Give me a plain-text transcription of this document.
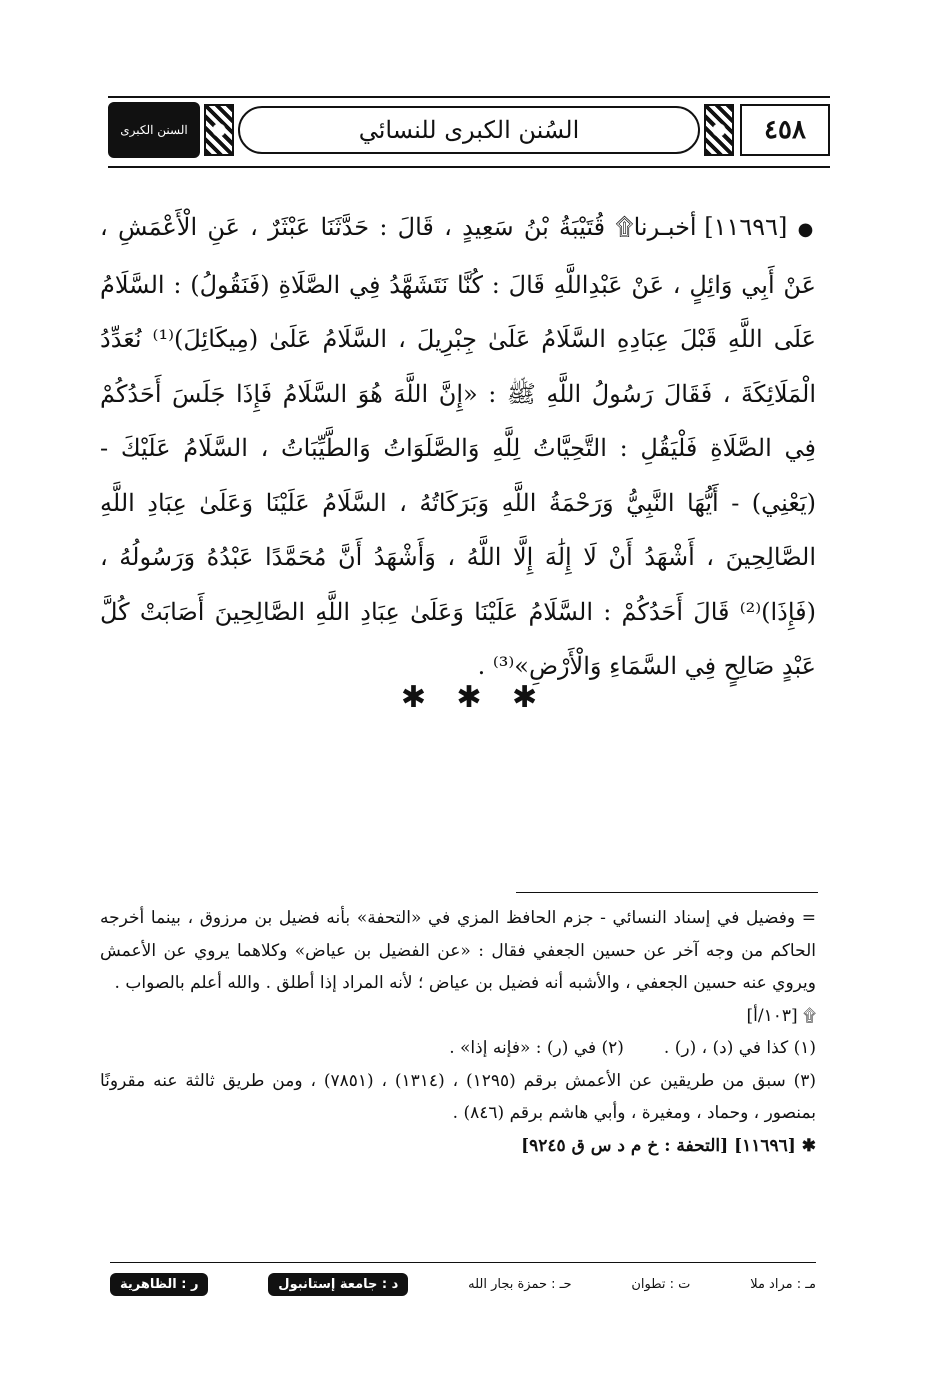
السنن الكبرى	السُنن الكبرى للنسائي	٤٥٨
● [١١٦٩٦] أخبـرنا۩ قُتَيْبَةُ بْنُ سَعِيدٍ ، قَالَ : حَدَّثَنَا عَبْثَرٌ ، عَنِ الْأَعْمَشِ ، عَنْ أَبِي وَائِلٍ ، عَنْ عَبْدِاللَّهِ قَالَ : كُنَّا نَتَشَهَّدُ فِي الصَّلَاةِ (فَنَقُولُ) : السَّلَامُ عَلَى اللَّهِ قَبْلَ عِبَادِهِ السَّلَامُ عَلَىٰ جِبْرِيلَ ، السَّلَامُ عَلَىٰ (مِيكَائِلَ)⁽¹⁾ نُعَدِّدُ الْمَلَائِكَةَ ، فَقَالَ رَسُولُ اللَّهِ ﷺ : «إِنَّ اللَّهَ هُوَ السَّلَامُ فَإِذَا جَلَسَ أَحَدُكُمْ فِي الصَّلَاةِ فَلْيَقُلِ : التَّحِيَّاتُ لِلَّهِ وَالصَّلَوَاتُ وَالطَّيِّبَاتُ ، السَّلَامُ عَلَيْكَ - (يَعْنِي) - أَيُّهَا النَّبِيُّ وَرَحْمَةُ اللَّهِ وَبَرَكَاتُهُ ، السَّلَامُ عَلَيْنَا وَعَلَىٰ عِبَادِ اللَّهِ الصَّالِحِينَ ، أَشْهَدُ أَنْ لَا إِلَٰهَ إِلَّا اللَّهُ ، وَأَشْهَدُ أَنَّ مُحَمَّدًا عَبْدُهُ وَرَسُولُهُ ، (فَإِذَا)⁽²⁾ قَالَ أَحَدُكُمْ : السَّلَامُ عَلَيْنَا وَعَلَىٰ عِبَادِ اللَّهِ الصَّالِحِينَ أَصَابَتْ كُلَّ عَبْدٍ صَالِحٍ فِي السَّمَاءِ وَالْأَرْضِ»⁽³⁾ .
✱ ✱ ✱

= وفضيل في إسناد النسائي - جزم الحافظ المزي في «التحفة» بأنه فضيل بن مرزوق ، بينما أخرجه الحاكم من وجه آخر عن حسين الجعفي فقال : «عن الفضيل بن عياض» وكلاهما يروي عن الأعمش ويروي عنه حسين الجعفي ، والأشبه أنه فضيل بن عياض ؛ لأنه المراد إذا أطلق . والله أعلم بالصواب .

۩ [١٠٣/أ]

(١) كذا في (د) ، (ر) .

(٢) في (ر) : «فإنه إذا» .

(٣) سبق من طريقين عن الأعمش برقم (١٢٩٥) ، (١٣١٤) ، (٧٨٥١) ، ومن طريق ثالثة عنه مقرونًا بمنصور ، وحماد ، ومغيرة ، وأبي هاشم برقم (٨٤٦) .

✱ [١١٦٩٦] [التحفة : خ م د س ق ٩٢٤٥]

مـ : مراد ملا
ت : تطوان
حـ : حمزة بجار الله
د : جامعة إستانبول
ر : الظاهرية
